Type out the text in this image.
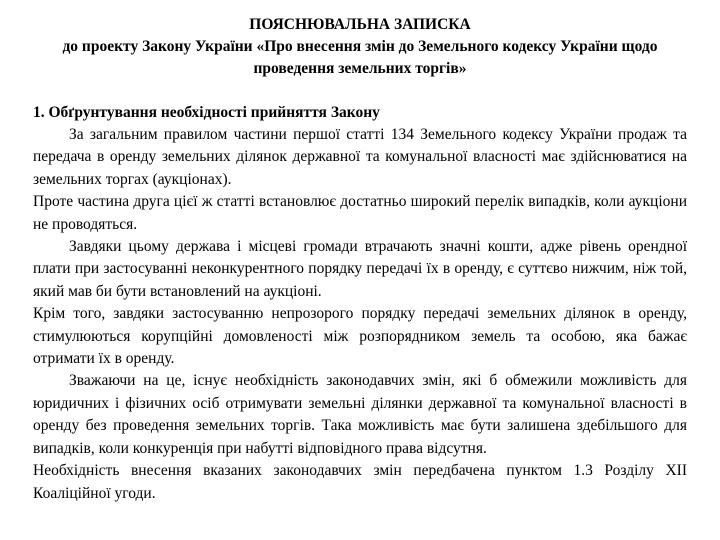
ПОЯСНЮВАЛЬНА ЗАПИСКА

до проекту Закону України «Про внесення змін до Земельного кодексу України щодо проведення земельних торгів»

1. Обґрунтування необхідності прийняття Закону

За загальним правилом частини першої статті 134 Земельного кодексу України продаж та передача в оренду земельних ділянок державної та комунальної власності має здійснюватися на земельних торгах (аукціонах).

Проте частина друга цієї ж статті встановлює достатньо широкий перелік випадків, коли аукціони не проводяться.

Завдяки цьому держава і місцеві громади втрачають значні кошти, адже рівень орендної плати при застосуванні неконкурентного порядку передачі їх в оренду, є суттєво нижчим, ніж той, який мав би бути встановлений на аукціоні.

Крім того, завдяки застосуванню непрозорого порядку передачі земельних ділянок в оренду, стимулюються корупційні домовленості між розпорядником земель та особою, яка бажає отримати їх в оренду.

Зважаючи на це, існує необхідність законодавчих змін, які б обмежили можливість для юридичних і фізичних осіб отримувати земельні ділянки державної та комунальної власності в оренду без проведення земельних торгів. Така можливість має бути залишена здебільшого для випадків, коли конкуренція при набутті відповідного права відсутня.

Необхідність внесення вказаних законодавчих змін передбачена пунктом 1.3 Розділу XII Коаліційної угоди.
